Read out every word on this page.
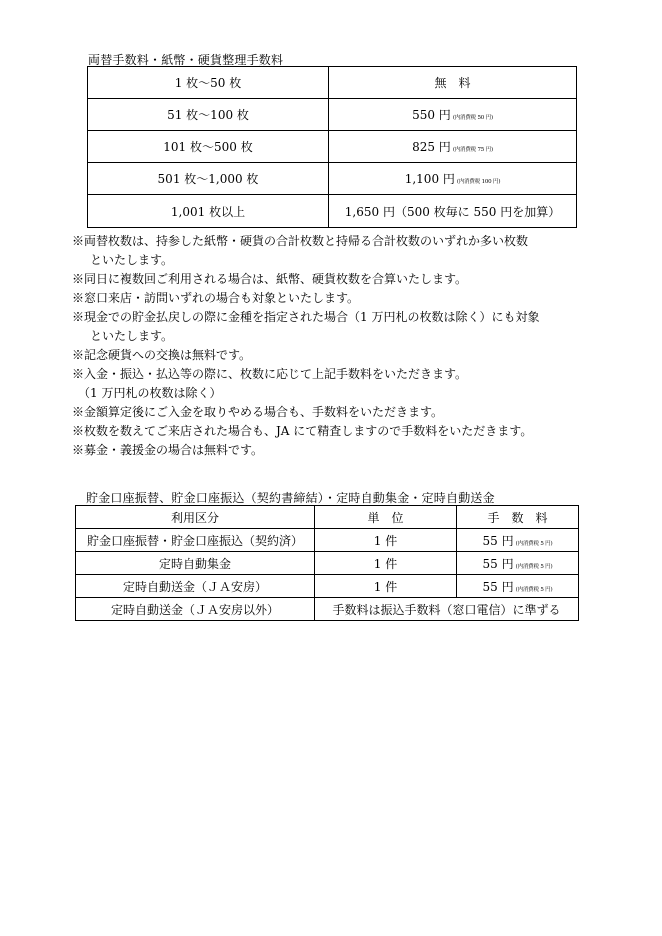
両替手数料・紙幣・硬貨整理手数料
1 枚〜50 枚	無　料
51 枚〜100 枚	550 円 (内消費税 50 円)
101 枚〜500 枚	825 円 (内消費税 75 円)
501 枚〜1,000 枚	1,100 円 (内消費税 100 円)
1,001 枚以上	1,650 円（500 枚毎に 550 円を加算）
※両替枚数は、持参した紙幣・硬貨の合計枚数と持帰る合計枚数のいずれか多い枚数
といたします。
※同日に複数回ご利用される場合は、紙幣、硬貨枚数を合算いたします。
※窓口来店・訪問いずれの場合も対象といたします。
※現金での貯金払戻しの際に金種を指定された場合（1 万円札の枚数は除く）にも対象
といたします。
※記念硬貨への交換は無料です。
※入金・振込・払込等の際に、枚数に応じて上記手数料をいただきます。
（1 万円札の枚数は除く）
※金額算定後にご入金を取りやめる場合も、手数料をいただきます。
※枚数を数えてご来店された場合も、JA にて精査しますので手数料をいただきます。
※募金・義援金の場合は無料です。
貯金口座振替、貯金口座振込（契約書締結）・定時自動集金・定時自動送金
利用区分	単　位	手　数　料
貯金口座振替・貯金口座振込（契約済）	1 件	55 円 (内消費税 5 円)
定時自動集金	1 件	55 円 (内消費税 5 円)
定時自動送金（ＪＡ安房）	1 件	55 円 (内消費税 5 円)
定時自動送金（ＪＡ安房以外）	手数料は振込手数料（窓口電信）に準ずる	
